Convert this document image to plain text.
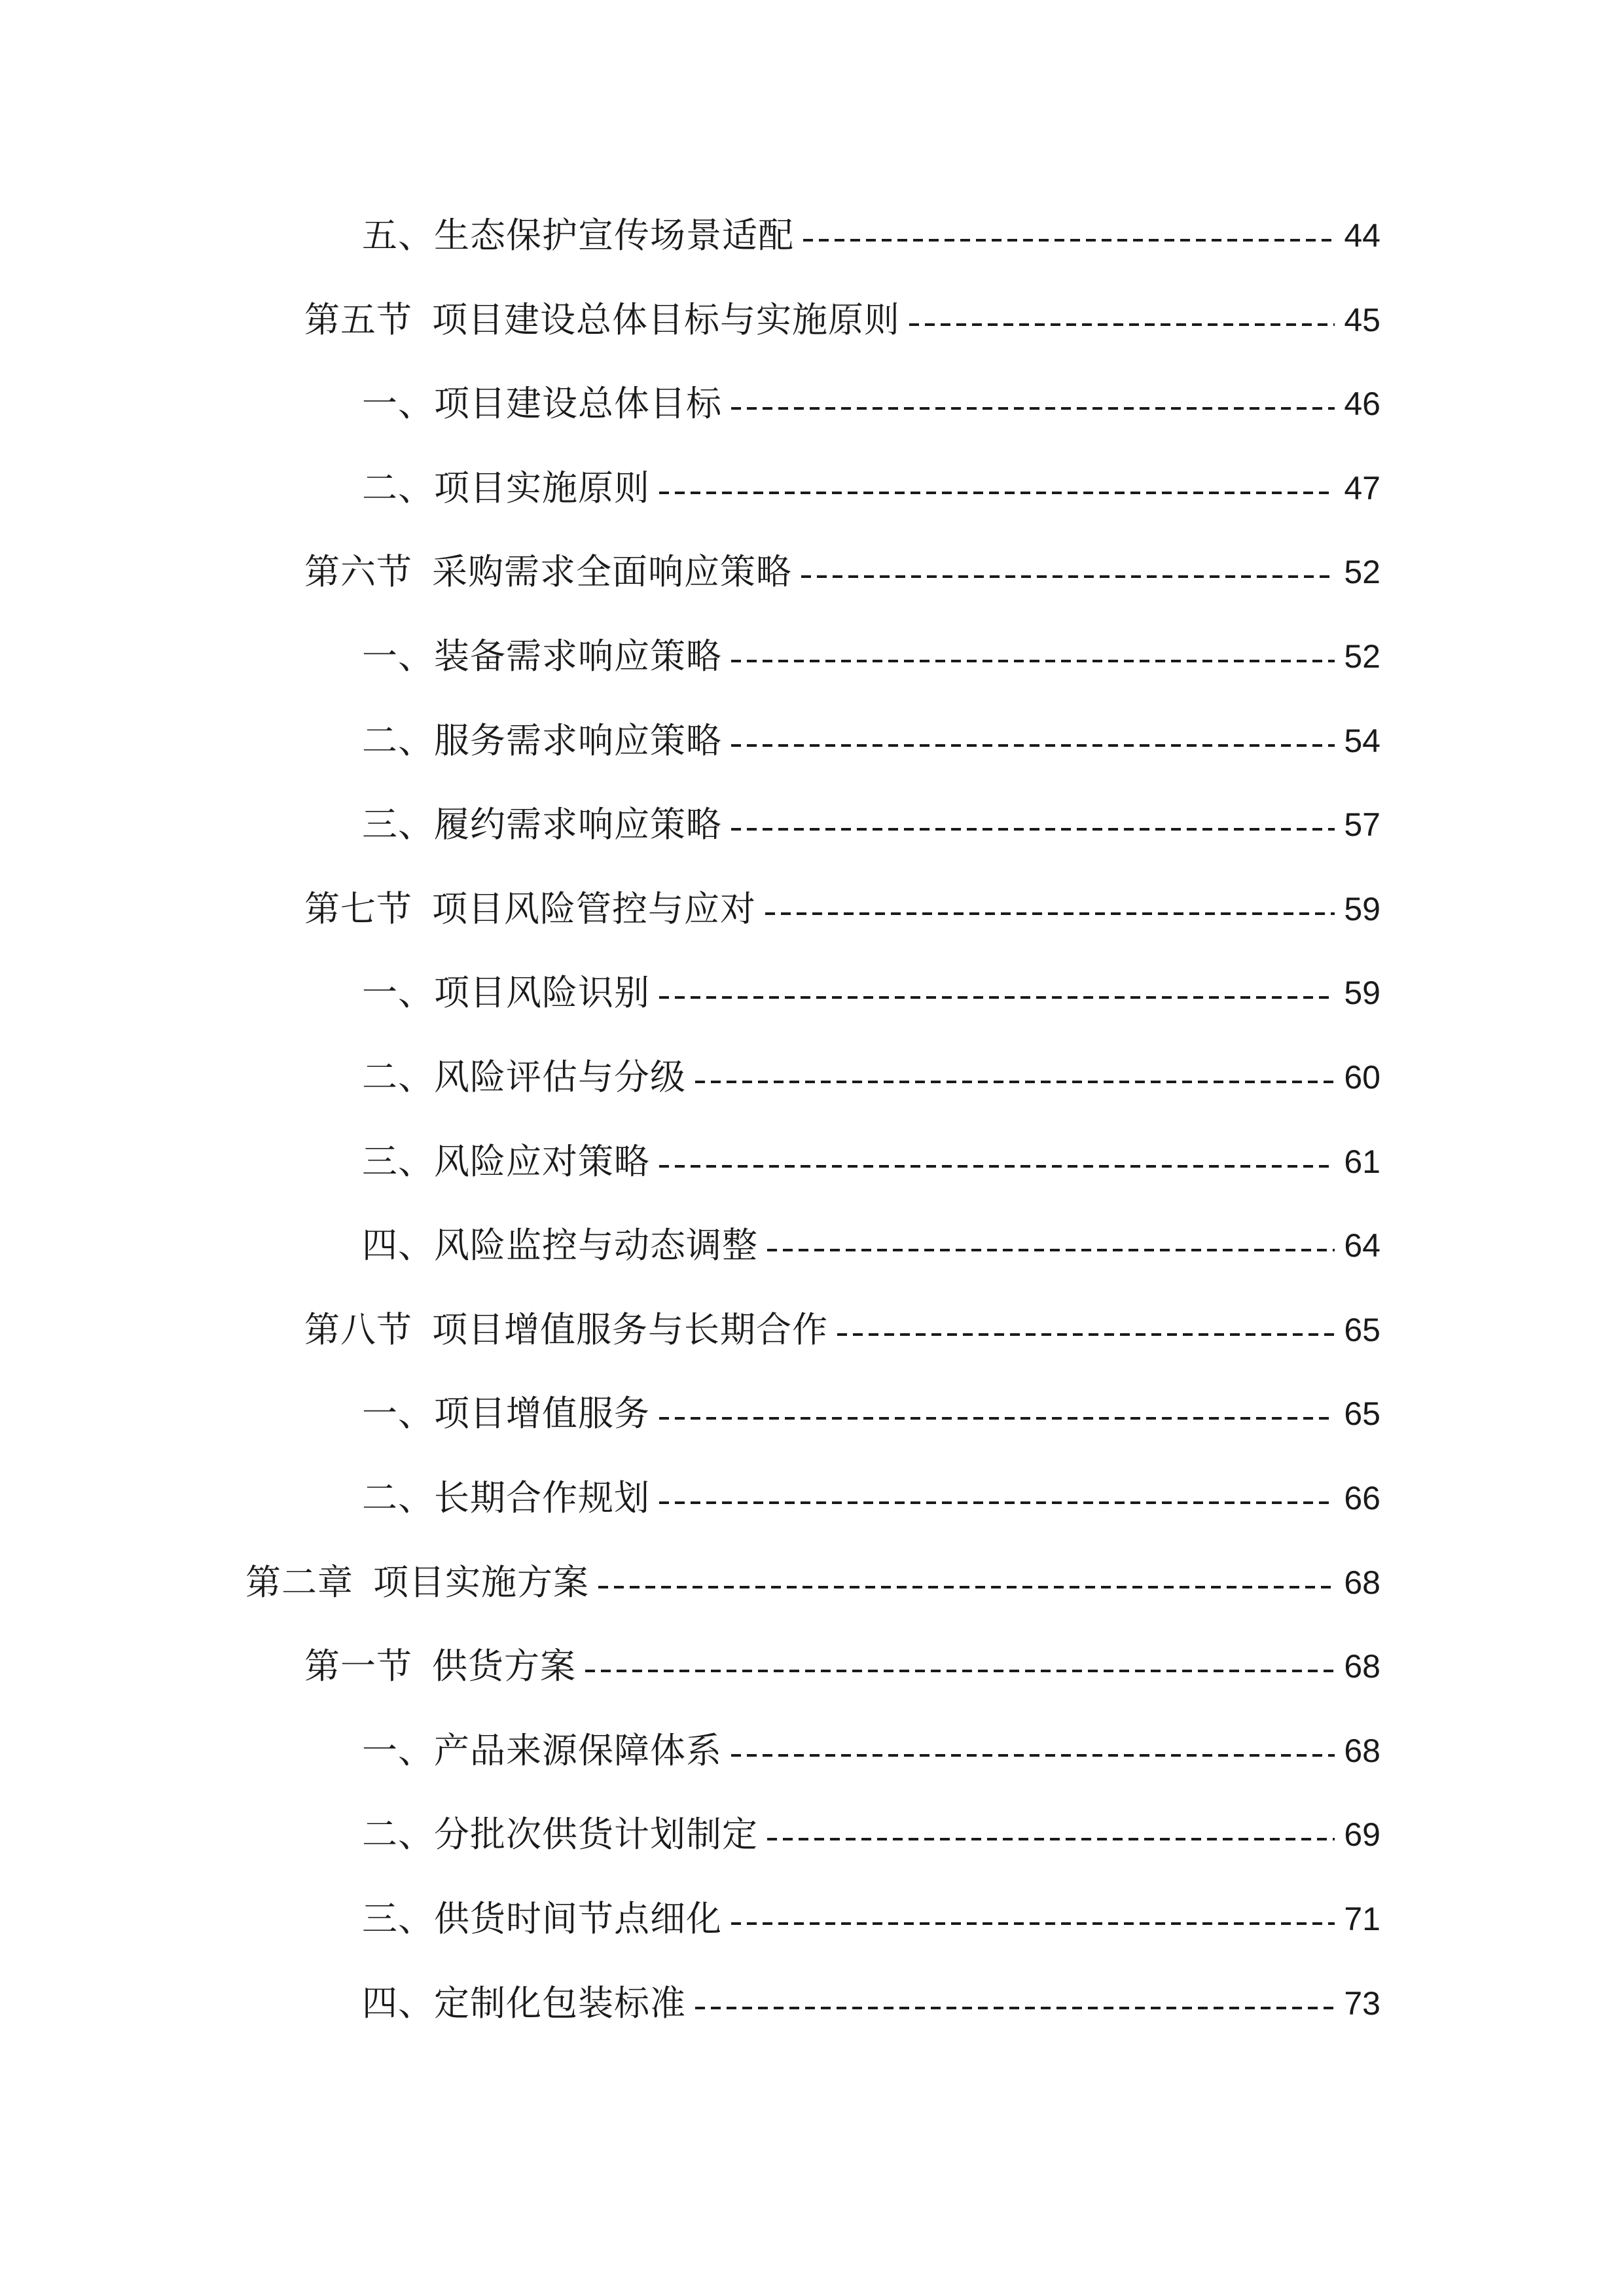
五、生态保护宣传场景适配	44
第五节 项目建设总体目标与实施原则	45
一、项目建设总体目标	46
二、项目实施原则	47
第六节 采购需求全面响应策略	52
一、装备需求响应策略	52
二、服务需求响应策略	54
三、履约需求响应策略	57
第七节 项目风险管控与应对	59
一、项目风险识别	59
二、风险评估与分级	60
三、风险应对策略	61
四、风险监控与动态调整	64
第八节 项目增值服务与长期合作	65
一、项目增值服务	65
二、长期合作规划	66
第二章 项目实施方案	68
第一节 供货方案	68
一、产品来源保障体系	68
二、分批次供货计划制定	69
三、供货时间节点细化	71
四、定制化包装标准	73
